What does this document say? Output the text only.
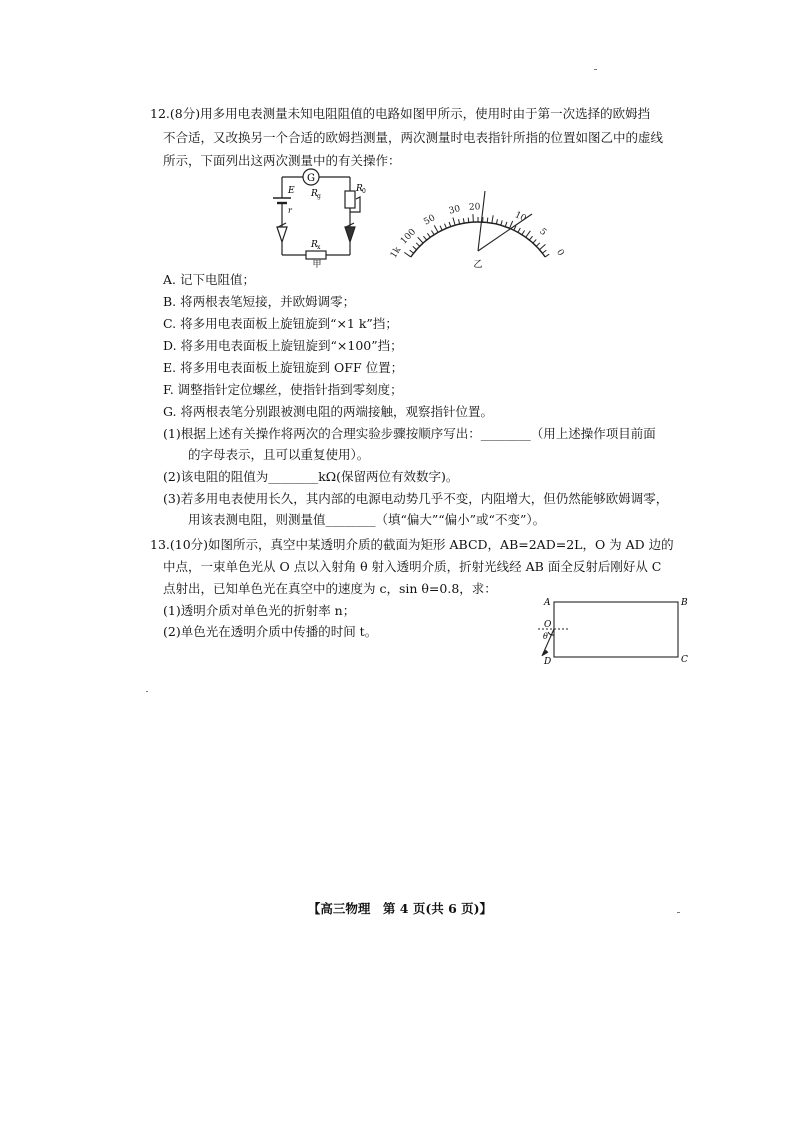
12.(8分)用多用电表测量未知电阻阻值的电路如图甲所示，使用时由于第一次选择的欧姆挡
不合适，又改换另一个合适的欧姆挡测量，两次测量时电表指针所指的位置如图乙中的虚线
所示，下面列出这两次测量中的有关操作：
G
R g
R 0
E
r
R x
甲
1k
100
50
30 20
10
5
0
乙
A. 记下电阻值；
B. 将两根表笔短接，并欧姆调零；
C. 将多用电表面板上旋钮旋到“×1 k”挡；
D. 将多用电表面板上旋钮旋到“×100”挡；
E. 将多用电表面板上旋钮旋到 OFF 位置；
F. 调整指针定位螺丝，使指针指到零刻度；
G. 将两根表笔分别跟被测电阻的两端接触，观察指针位置。
(1)根据上述有关操作将两次的合理实验步骤按顺序写出：________（用上述操作项目前面
的字母表示，且可以重复使用）。
(2)该电阻的阻值为________kΩ(保留两位有效数字)。
(3)若多用电表使用长久，其内部的电源电动势几乎不变，内阻增大，但仍然能够欧姆调零，
用该表测电阻，则测量值________（填“偏大”“偏小”或“不变”）。
13.(10分)如图所示，真空中某透明介质的截面为矩形 ABCD，AB=2AD=2L，O 为 AD 边的
中点，一束单色光从 O 点以入射角 θ 射入透明介质，折射光线经 AB 面全反射后刚好从 C
点射出，已知单色光在真空中的速度为 c，sin θ=0.8，求：
(1)透明介质对单色光的折射率 n；
(2)单色光在透明介质中传播的时间 t。
A	B
C
D
O
θ
【高三物理　第 4 页(共 6 页)】
